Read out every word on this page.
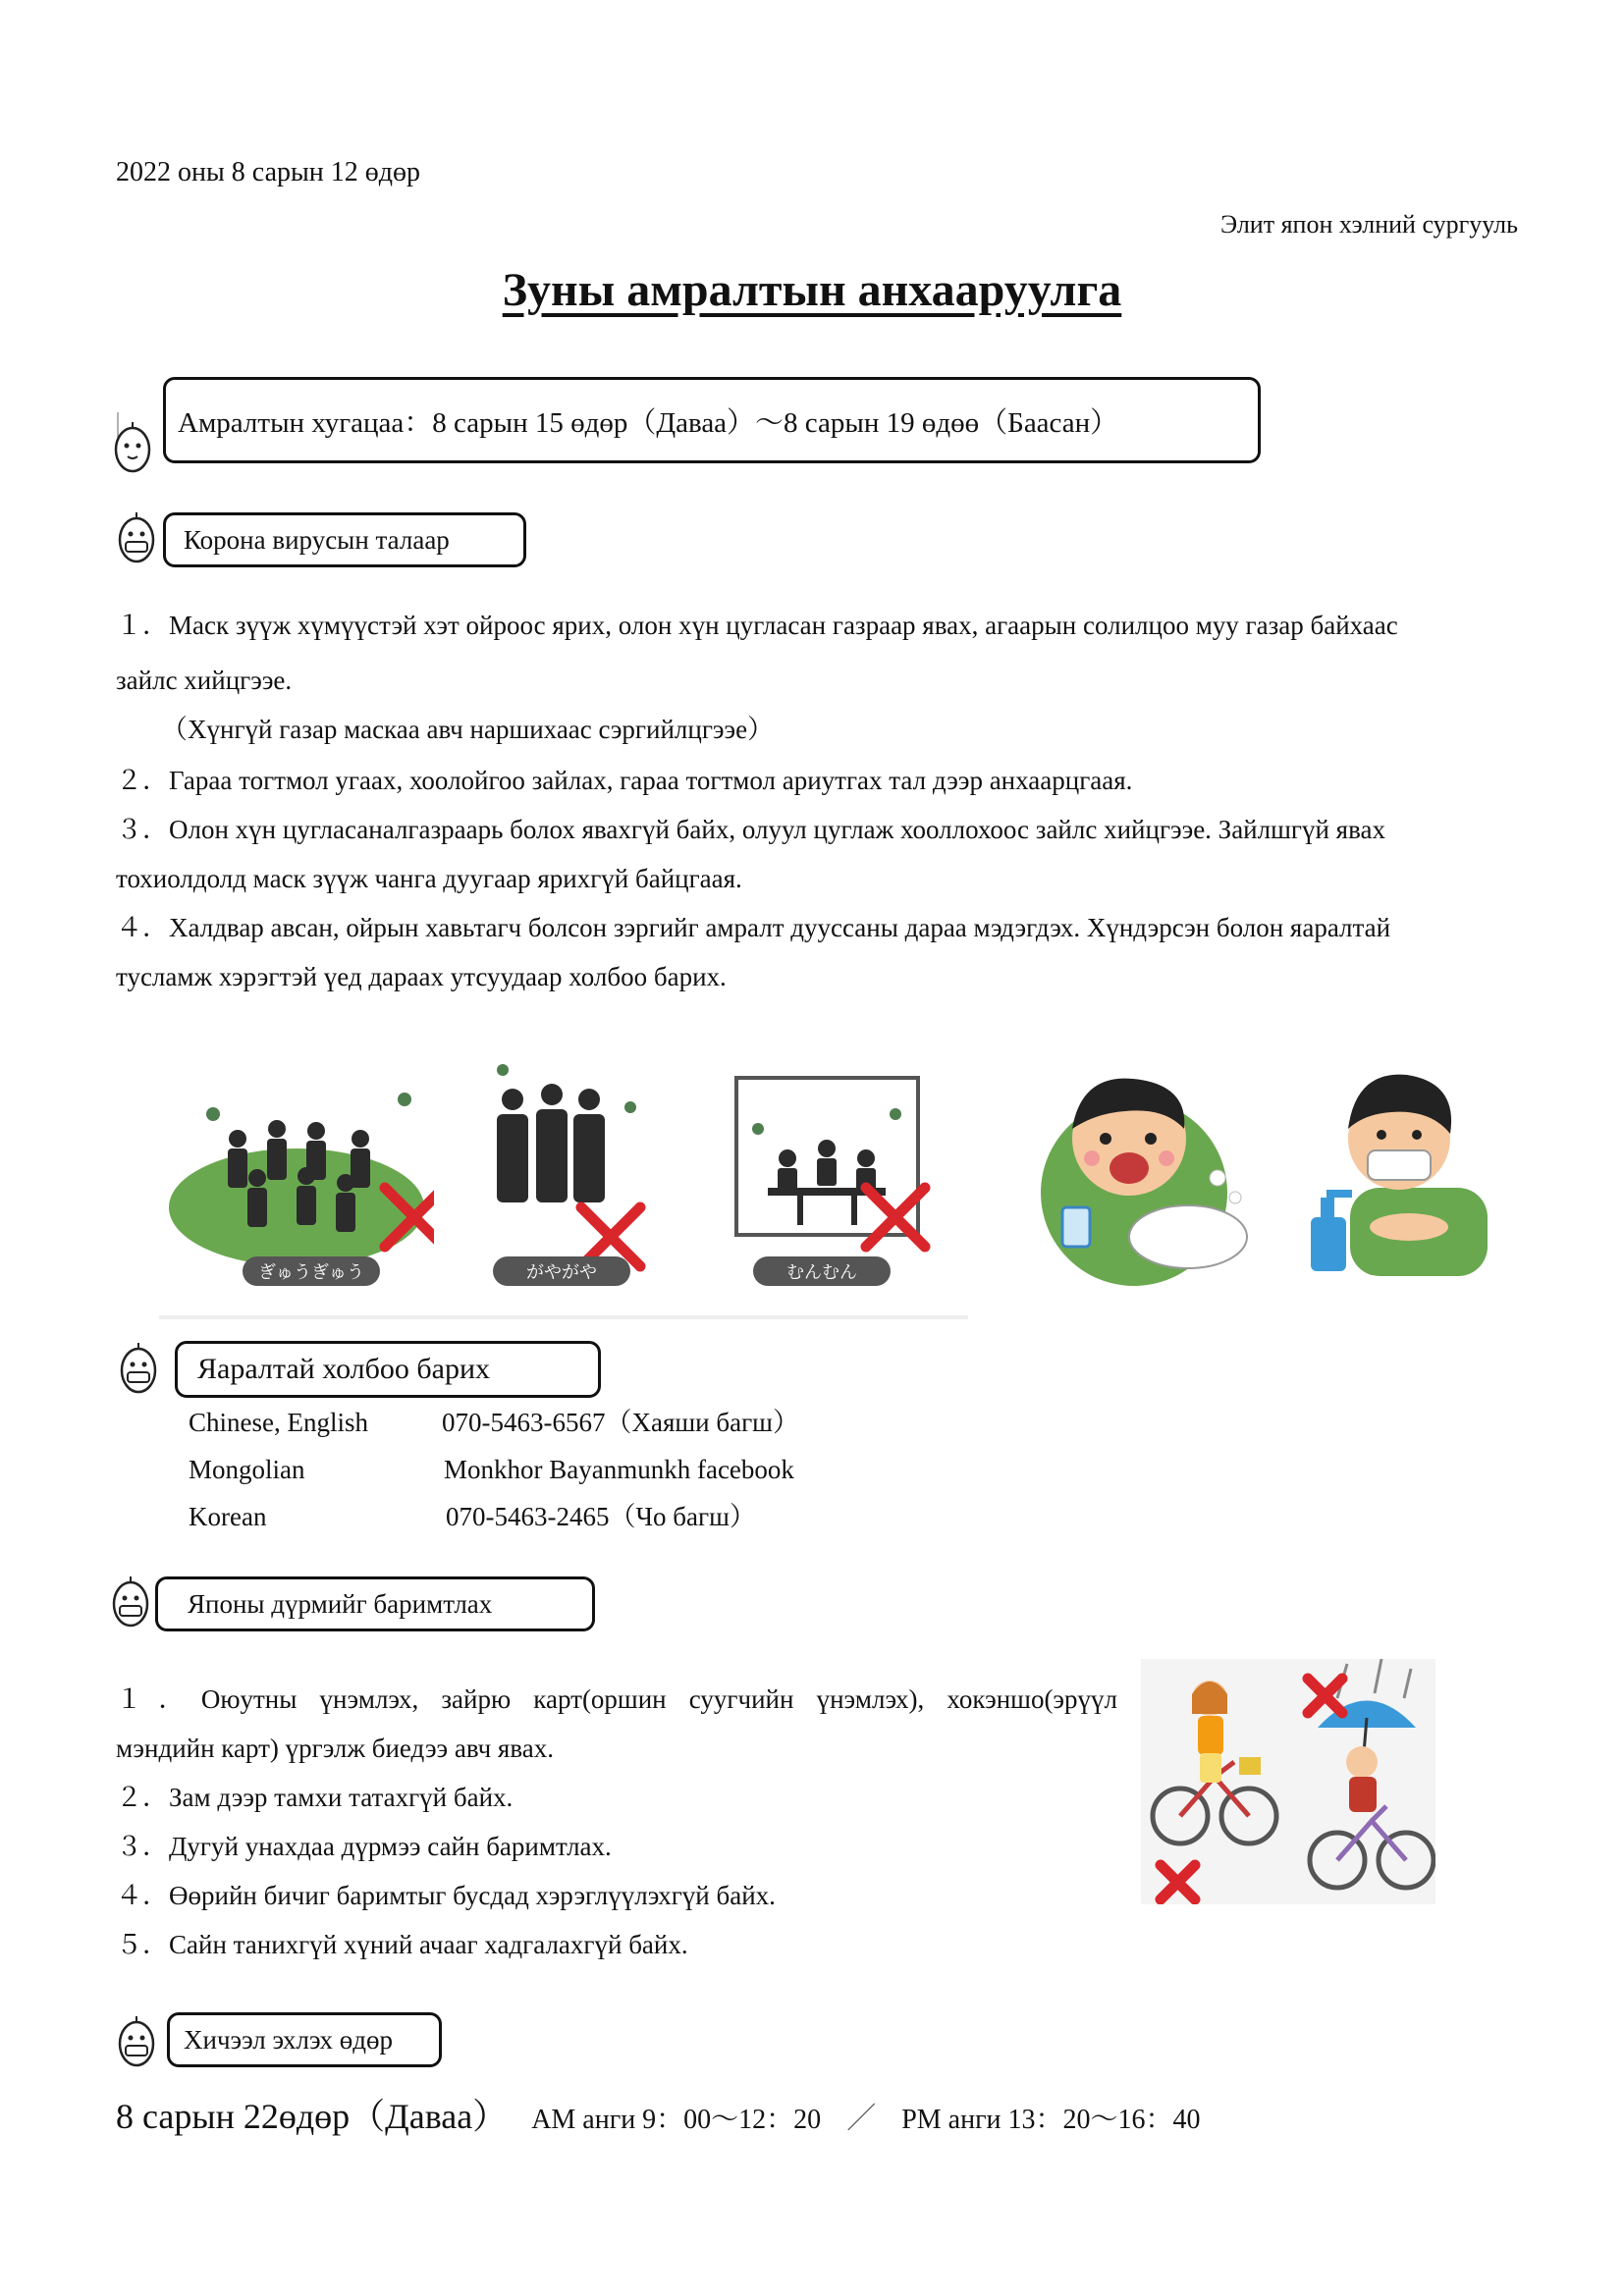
2022 оны 8 сарын 12 өдөр
Элит япон хэлний сургууль
Зуны амралтын анхааруулга
Амралтын хугацаа：8 сарын 15 өдөр（Даваа）～8 сарын 19 өдөө（Баасан）
Корона вирусын талаар
１．Маск зүүж хүмүүстэй хэт ойроос ярих, олон хүн цугласан газраар явах, агаарын солилцоо муу газар байхаас
зайлс хийцгээе.
（Хүнгүй газар маскаа авч наршихаас сэргийлцгээе）
２．Гараа тогтмол угаах, хоолойгоо зайлах, гараа тогтмол ариутгах тал дээр анхаарцгаая.
３．Олон хүн цугласаналгазраарь болох явахгүй байх, олуул цуглаж хооллохоос зайлс хийцгээе. Зайлшгүй явах
тохиолдолд маск зүүж чанга дуугаар ярихгүй байцгаая.
４．Халдвар авсан, ойрын хавьтагч болсон зэргийг амралт дууссаны дараа мэдэгдэх. Хүндэрсэн болон яаралтай
тусламж хэрэгтэй үед дараах утсуудаар холбоо барих.
ぎゅうぎゅう	がやがや	むんむん
Яаралтай холбоо барих
Chinese, English	070-5463-6567（Хаяши багш）
Mongolian	Monkhor Bayanmunkh facebook
Korean	070-5463-2465（Чо багш）
Японы дүрмийг баримтлах
１．Оюутны үнэмлэх, зайрю карт(оршин суугчийн үнэмлэх), хокэншо(эрүүл
мэндийн карт) үргэлж биедээ авч явах.
２．Зам дээр тамхи татахгүй байх.
３．Дугуй унахдаа дүрмээ сайн баримтлах.
４．Өөрийн бичиг баримтыг бусдад хэрэглүүлэхгүй байх.
５．Сайн танихгүй хүний ачааг хадгалахгүй байх.
Хичээл эхлэх өдөр
8 сарын 22өдөр（Даваа） AM анги 9：00～12：20 ／ PM анги 13：20～16：40
